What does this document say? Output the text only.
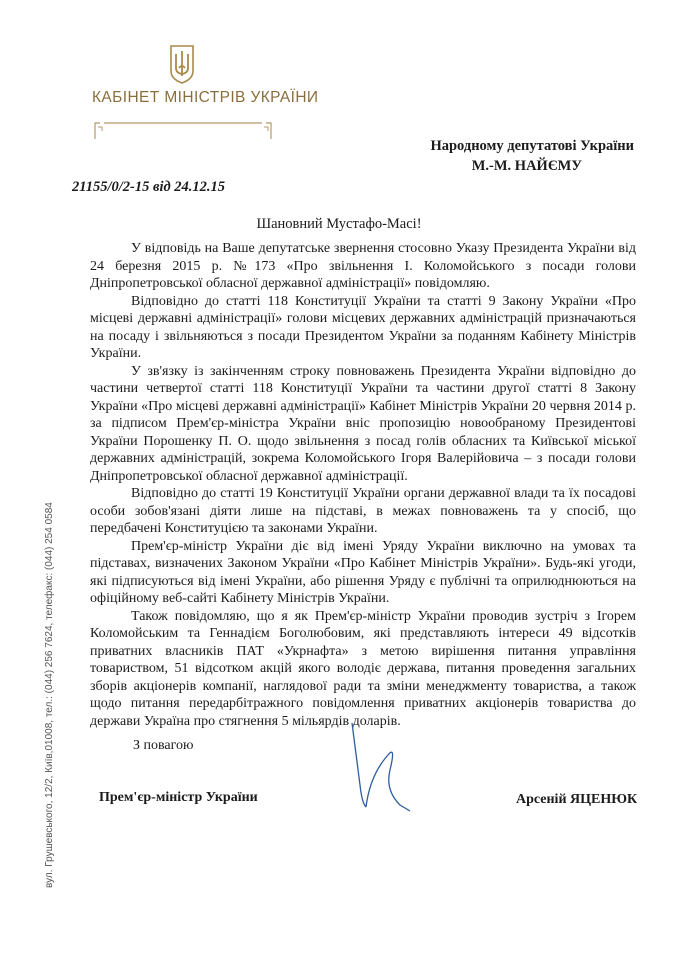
КАБІНЕТ МІНІСТРІВ УКРАЇНИ
Народному депутатові України
М.-М. НАЙЄМУ
21155/0/2-15 від 24.12.15
Шановний Мустафо-Масі!

У відповідь на Ваше депутатське звернення стосовно Указу Президента України від 24 березня 2015 р. №173 «Про звільнення І. Коломойського з посади голови Дніпропетровської обласної державної адміністрації» повідомляю.

Відповідно до статті 118 Конституції України та статті 9 Закону України «Про місцеві державні адміністрації» голови місцевих державних адміністрацій призначаються на посаду і звільняються з посади Президентом України за поданням Кабінету Міністрів України.

У зв'язку із закінченням строку повноважень Президента України відповідно до частини четвертої статті 118 Конституції України та частини другої статті 8 Закону України «Про місцеві державні адміністрації» Кабінет Міністрів України 20 червня 2014 р. за підписом Прем'єр-міністра України вніс пропозицію новообраному Президентові України Порошенку П. О. щодо звільнення з посад голів обласних та Київської міської державних адміністрацій, зокрема Коломойського Ігоря Валерійовича – з посади голови Дніпропетровської обласної державної адміністрації.

Відповідно до статті 19 Конституції України органи державної влади та їх посадові особи зобов'язані діяти лише на підставі, в межах повноважень та у спосіб, що передбачені Конституцією та законами України.

Прем'єр-міністр України діє від імені Уряду України виключно на умовах та підставах, визначених Законом України «Про Кабінет Міністрів України». Будь-які угоди, які підписуються від імені України, або рішення Уряду є публічні та оприлюднюються на офіційному веб-сайті Кабінету Міністрів України.

Також повідомляю, що я як Прем'єр-міністр України проводив зустріч з Ігорем Коломойським та Геннадієм Боголюбовим, які представляють інтереси 49 відсотків приватних власників ПАТ «Укрнафта» з метою вирішення питання управління товариством, 51 відсотком акцій якого володіє держава, питання проведення загальних зборів акціонерів компанії, наглядової ради та зміни менеджменту товариства, а також щодо питання передарбітражного повідомлення приватних акціонерів товариства до держави Україна про стягнення 5 мільярдів доларів.

З повагою
Прем'єр-міністр України	Арсеній ЯЦЕНЮК
вул. Грушевського, 12/2, Київ,01008, тел.: (044) 256 7624, телефакс: (044) 254 0584
